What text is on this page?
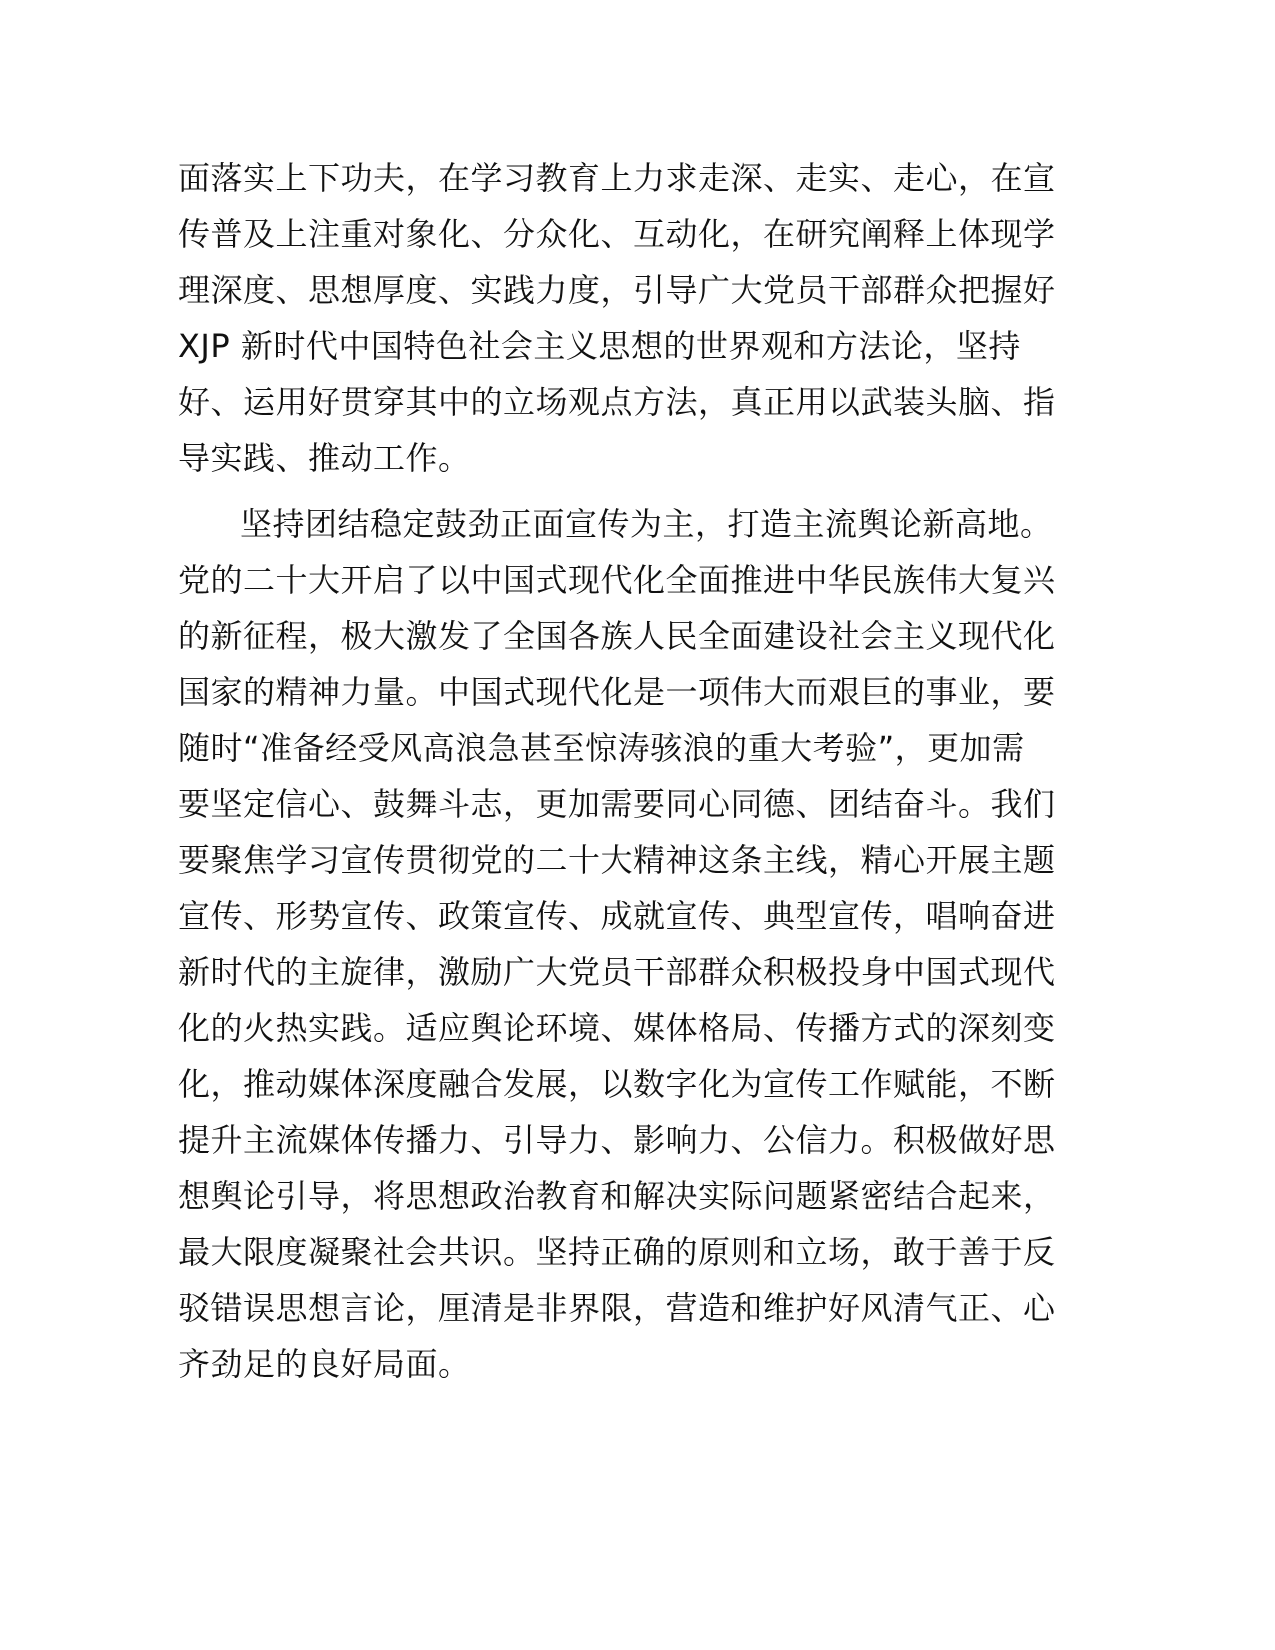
面落实上下功夫，在学习教育上力求走深、走实、走心，在宣
传普及上注重对象化、分众化、互动化，在研究阐释上体现学
理深度、思想厚度、实践力度，引导广大党员干部群众把握好
XJP 新时代中国特色社会主义思想的世界观和方法论，坚持
好、运用好贯穿其中的立场观点方法，真正用以武装头脑、指
导实践、推动工作。
坚持团结稳定鼓劲正面宣传为主，打造主流舆论新高地。
党的二十大开启了以中国式现代化全面推进中华民族伟大复兴
的新征程，极大激发了全国各族人民全面建设社会主义现代化
国家的精神力量。中国式现代化是一项伟大而艰巨的事业，要
随时“准备经受风高浪急甚至惊涛骇浪的重大考验”，更加需
要坚定信心、鼓舞斗志，更加需要同心同德、团结奋斗。我们
要聚焦学习宣传贯彻党的二十大精神这条主线，精心开展主题
宣传、形势宣传、政策宣传、成就宣传、典型宣传，唱响奋进
新时代的主旋律，激励广大党员干部群众积极投身中国式现代
化的火热实践。适应舆论环境、媒体格局、传播方式的深刻变
化，推动媒体深度融合发展，以数字化为宣传工作赋能，不断
提升主流媒体传播力、引导力、影响力、公信力。积极做好思
想舆论引导，将思想政治教育和解决实际问题紧密结合起来，
最大限度凝聚社会共识。坚持正确的原则和立场，敢于善于反
驳错误思想言论，厘清是非界限，营造和维护好风清气正、心
齐劲足的良好局面。
